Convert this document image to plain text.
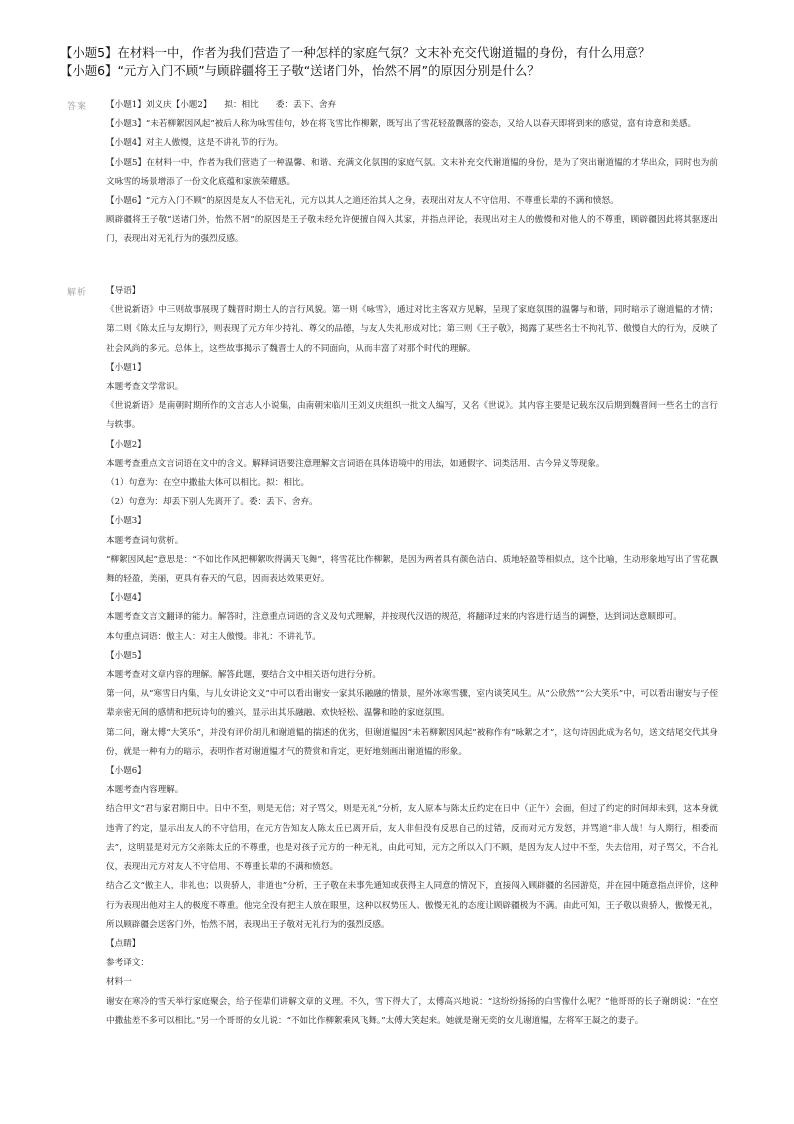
【小题5】在材料一中，作者为我们营造了一种怎样的家庭气氛？文末补充交代谢道韫的身份，有什么用意？

【小题6】“元方入门不顾”与顾辟疆将王子敬“送诸门外，怡然不屑”的原因分别是什么？

答案 【小题1】刘义庆【小题2】　　拟：相比　　委：丢下、舍弃

【小题3】“未若柳絮因风起”被后人称为咏雪佳句，妙在将飞雪比作柳絮，既写出了雪花轻盈飘落的姿态，又给人以春天即将到来的感觉，富有诗意和美感。

【小题4】对主人傲慢，这是不讲礼节的行为。

【小题5】在材料一中，作者为我们营造了一种温馨、和谐、充满文化氛围的家庭气氛。文末补充交代谢道韫的身份，是为了突出谢道韫的才华出众，同时也为前文咏雪的场景增添了一份文化底蕴和家族荣耀感。

【小题6】“元方入门不顾”的原因是友人不信无礼，元方以其人之道还治其人之身，表现出对友人不守信用、不尊重长辈的不满和愤怒。

顾辟疆将王子敬“送诸门外，怡然不屑”的原因是王子敬未经允许便擅自闯入其家，并指点评论，表现出对主人的傲慢和对他人的不尊重，顾辟疆因此将其驱逐出门，表现出对无礼行为的强烈反感。

解析 【导语】

《世说新语》中三则故事展现了魏晋时期士人的言行风貌。第一则《咏雪》，通过对比主客双方见解，呈现了家庭氛围的温馨与和谐，同时暗示了谢道韫的才情；第二则《陈太丘与友期行》，则表现了元方年少持礼、尊父的品德，与友人失礼形成对比；第三则《王子敬》，揭露了某些名士不拘礼节、傲慢自大的行为，反映了社会风尚的多元。总体上，这些故事揭示了魏晋士人的不同面向，从而丰富了对那个时代的理解。

【小题1】

本题考查文学常识。

《世说新语》是南朝时期所作的文言志人小说集，由南朝宋临川王刘义庆组织一批文人编写，又名《世说》。其内容主要是记载东汉后期到魏晋间一些名士的言行与轶事。

【小题2】

本题考查重点文言词语在文中的含义。解释词语要注意理解文言词语在具体语境中的用法，如通假字、词类活用、古今异义等现象。

（1）句意为：在空中撒盐大体可以相比。拟：相比。

（2）句意为：却丢下别人先离开了。委：丢下、舍弃。

【小题3】

本题考查词句赏析。

“柳絮因风起”意思是：“不如比作风把柳絮吹得满天飞舞”，将雪花比作柳絮，是因为两者具有颜色洁白、质地轻盈等相似点，这个比喻，生动形象地写出了雪花飘舞的轻盈，美丽，更具有春天的气息，因而表达效果更好。

【小题4】

本题考查文言文翻译的能力。解答时，注意重点词语的含义及句式理解，并按现代汉语的规范，将翻译过来的内容进行适当的调整，达到词达意顺即可。

本句重点词语：傲主人：对主人傲慢。非礼：不讲礼节。

【小题5】

本题考查对文章内容的理解。解答此题，要结合文中相关语句进行分析。

第一问，从“寒雪日内集，与儿女讲论文义”中可以看出谢安一家其乐融融的情景，屋外冰寒雪骤，室内谈笑风生。从“公欣然”“公大笑乐”中，可以看出谢安与子侄辈亲密无间的感情和把玩诗句的雅兴，显示出其乐融融、欢快轻松、温馨和睦的家庭氛围。

第二问，谢太傅“大笑乐”，并没有评价胡儿和谢道韫的揣述的优劣，但谢道韫因“未若柳絮因风起”被称作有“咏絮之才”，这句诗因此成为名句，送文结尾交代其身份，就是一种有力的暗示，表明作者对谢道韫才气的赞赏和肯定，更好地刻画出谢道韫的形象。

【小题6】

本题考查内容理解。

结合甲文“君与家君期日中。日中不至，则是无信；对子骂父，则是无礼”分析，友人原本与陈太丘约定在日中（正午）会面，但过了约定的时间却未到，这本身就违背了约定，显示出友人的不守信用，在元方告知友人陈太丘已离开后，友人非但没有反思自己的过错，反而对元方发怒，并骂道“非人哉！与人期行，相委而去”，这明显是对元方父亲陈太丘的不尊重，也是对孩子元方的一种无礼，由此可知，元方之所以入门不顾，是因为友人过中不至，失去信用，对子骂父，不合礼仪，表现出元方对友人不守信用、不尊重长辈的不满和愤怒。

结合乙文“傲主人，非礼也；以贵骄人，非道也”分析，王子敬在未事先通知或获得主人同意的情况下，直接闯入顾辟疆的名园游览，并在园中随意指点评价，这种行为表现出他对主人的极度不尊重。他完全没有把主人放在眼里，这种以权势压人、傲慢无礼的态度让顾辟疆极为不满。由此可知，王子敬以贵骄人，傲慢无礼，所以顾辟疆会送客门外，怡然不屑，表现出王子敬对无礼行为的强烈反感。

【点睛】

参考译文：

材料一

谢安在寒冷的雪天举行家庭聚会，给子侄辈们讲解文章的义理。不久，雪下得大了，太傅高兴地说：“这纷纷扬扬的白雪像什么呢？”他哥哥的长子谢朗说：“在空中撒盐差不多可以相比。”另一个哥哥的女儿说：“不如比作柳絮乘风飞舞。”太傅大笑起来。她就是谢无奕的女儿谢道韫，左将军王凝之的妻子。
